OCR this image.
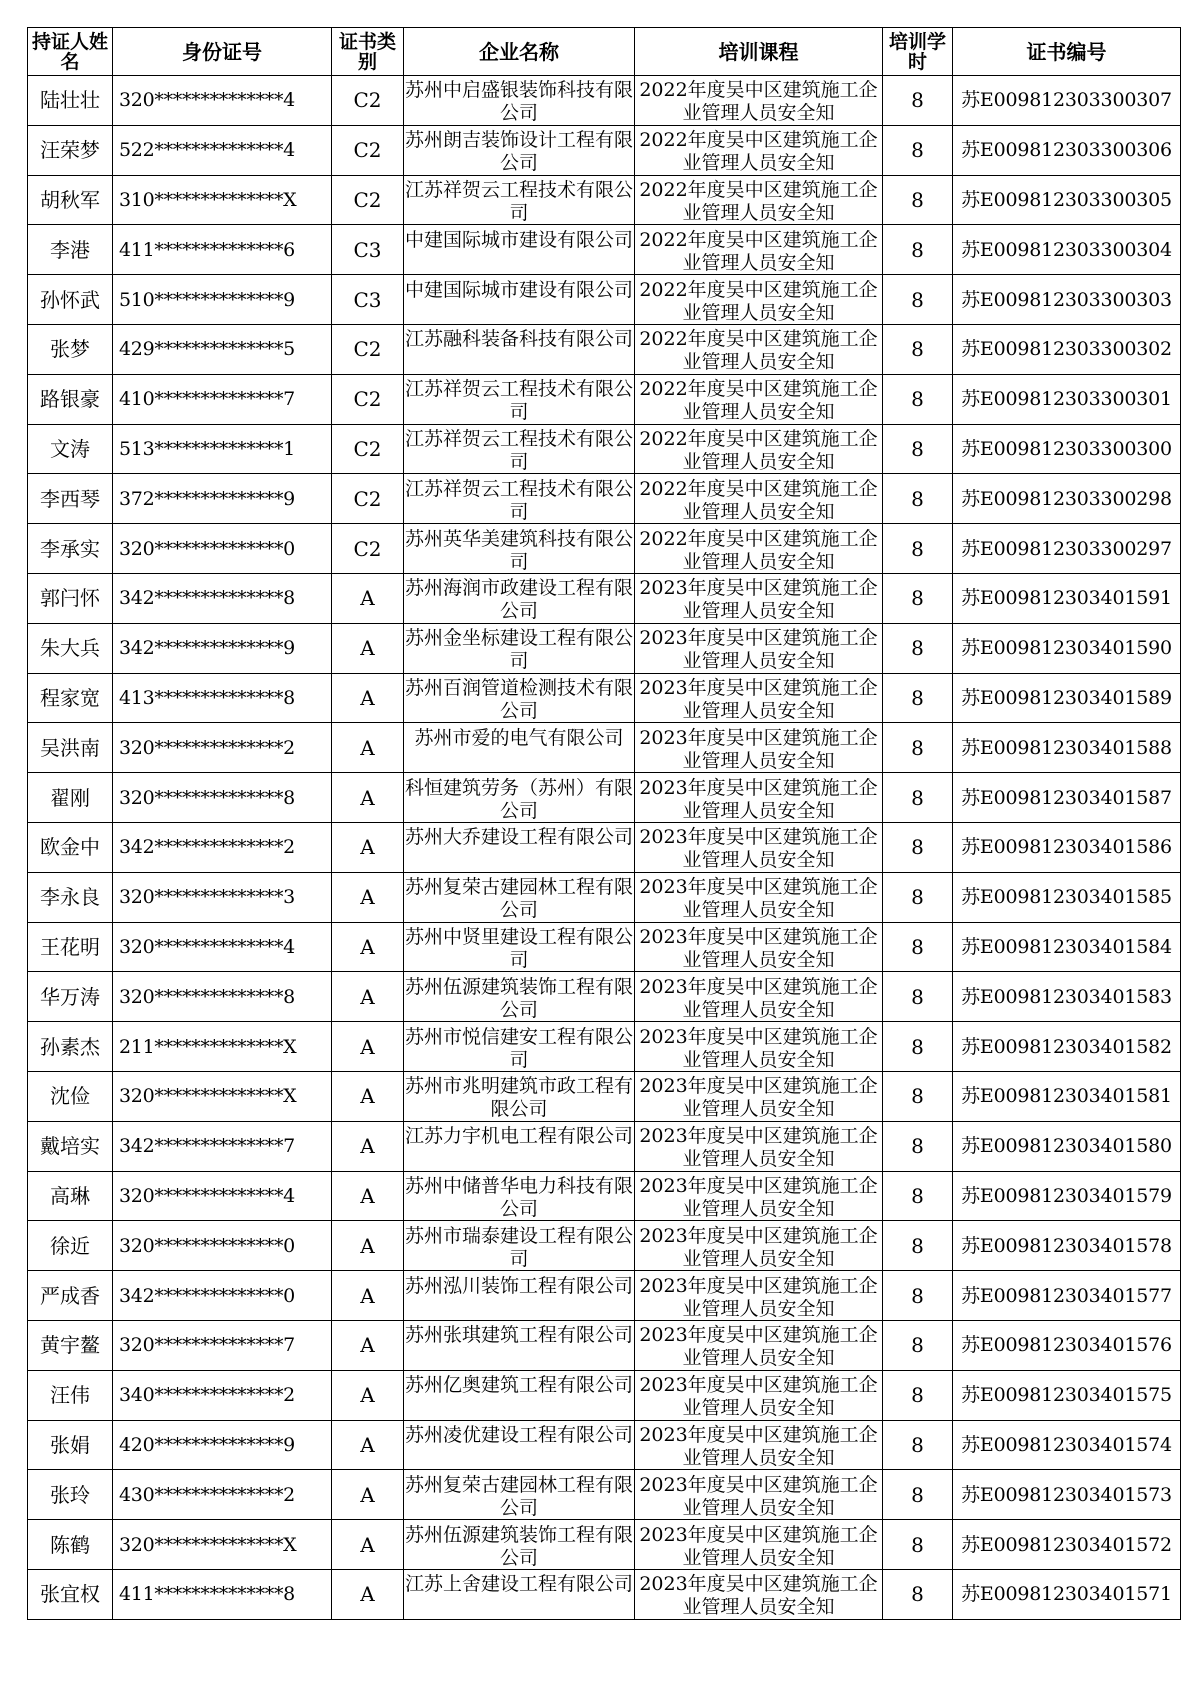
持证人姓名	身份证号	证书类别	企业名称	培训课程	培训学时	证书编号
陆壮壮	320**************4	C2	苏州中启盛银装饰科技有限公司	2022年度吴中区建筑施工企业管理人员安全知	8	苏E009812303300307
汪荣梦	522**************4	C2	苏州朗吉装饰设计工程有限公司	2022年度吴中区建筑施工企业管理人员安全知	8	苏E009812303300306
胡秋军	310**************X	C2	江苏祥贺云工程技术有限公司	2022年度吴中区建筑施工企业管理人员安全知	8	苏E009812303300305
李港	411**************6	C3	中建国际城市建设有限公司	2022年度吴中区建筑施工企业管理人员安全知	8	苏E009812303300304
孙怀武	510**************9	C3	中建国际城市建设有限公司	2022年度吴中区建筑施工企业管理人员安全知	8	苏E009812303300303
张梦	429**************5	C2	江苏融科装备科技有限公司	2022年度吴中区建筑施工企业管理人员安全知	8	苏E009812303300302
路银豪	410**************7	C2	江苏祥贺云工程技术有限公司	2022年度吴中区建筑施工企业管理人员安全知	8	苏E009812303300301
文涛	513**************1	C2	江苏祥贺云工程技术有限公司	2022年度吴中区建筑施工企业管理人员安全知	8	苏E009812303300300
李西琴	372**************9	C2	江苏祥贺云工程技术有限公司	2022年度吴中区建筑施工企业管理人员安全知	8	苏E009812303300298
李承实	320**************0	C2	苏州英华美建筑科技有限公司	2022年度吴中区建筑施工企业管理人员安全知	8	苏E009812303300297
郭闩怀	342**************8	A	苏州海润市政建设工程有限公司	2023年度吴中区建筑施工企业管理人员安全知	8	苏E009812303401591
朱大兵	342**************9	A	苏州金坐标建设工程有限公司	2023年度吴中区建筑施工企业管理人员安全知	8	苏E009812303401590
程家宽	413**************8	A	苏州百润管道检测技术有限公司	2023年度吴中区建筑施工企业管理人员安全知	8	苏E009812303401589
吴洪南	320**************2	A	苏州市爱的电气有限公司	2023年度吴中区建筑施工企业管理人员安全知	8	苏E009812303401588
翟刚	320**************8	A	科恒建筑劳务（苏州）有限公司	2023年度吴中区建筑施工企业管理人员安全知	8	苏E009812303401587
欧金中	342**************2	A	苏州大乔建设工程有限公司	2023年度吴中区建筑施工企业管理人员安全知	8	苏E009812303401586
李永良	320**************3	A	苏州复荣古建园林工程有限公司	2023年度吴中区建筑施工企业管理人员安全知	8	苏E009812303401585
王花明	320**************4	A	苏州中贤里建设工程有限公司	2023年度吴中区建筑施工企业管理人员安全知	8	苏E009812303401584
华万涛	320**************8	A	苏州伍源建筑装饰工程有限公司	2023年度吴中区建筑施工企业管理人员安全知	8	苏E009812303401583
孙素杰	211**************X	A	苏州市悦信建安工程有限公司	2023年度吴中区建筑施工企业管理人员安全知	8	苏E009812303401582
沈俭	320**************X	A	苏州市兆明建筑市政工程有限公司	2023年度吴中区建筑施工企业管理人员安全知	8	苏E009812303401581
戴培实	342**************7	A	江苏力宇机电工程有限公司	2023年度吴中区建筑施工企业管理人员安全知	8	苏E009812303401580
高琳	320**************4	A	苏州中储普华电力科技有限公司	2023年度吴中区建筑施工企业管理人员安全知	8	苏E009812303401579
徐近	320**************0	A	苏州市瑞泰建设工程有限公司	2023年度吴中区建筑施工企业管理人员安全知	8	苏E009812303401578
严成香	342**************0	A	苏州泓川装饰工程有限公司	2023年度吴中区建筑施工企业管理人员安全知	8	苏E009812303401577
黄宇鳌	320**************7	A	苏州张琪建筑工程有限公司	2023年度吴中区建筑施工企业管理人员安全知	8	苏E009812303401576
汪伟	340**************2	A	苏州亿奥建筑工程有限公司	2023年度吴中区建筑施工企业管理人员安全知	8	苏E009812303401575
张娟	420**************9	A	苏州凌优建设工程有限公司	2023年度吴中区建筑施工企业管理人员安全知	8	苏E009812303401574
张玲	430**************2	A	苏州复荣古建园林工程有限公司	2023年度吴中区建筑施工企业管理人员安全知	8	苏E009812303401573
陈鹤	320**************X	A	苏州伍源建筑装饰工程有限公司	2023年度吴中区建筑施工企业管理人员安全知	8	苏E009812303401572
张宜权	411**************8	A	江苏上舍建设工程有限公司	2023年度吴中区建筑施工企业管理人员安全知	8	苏E009812303401571
